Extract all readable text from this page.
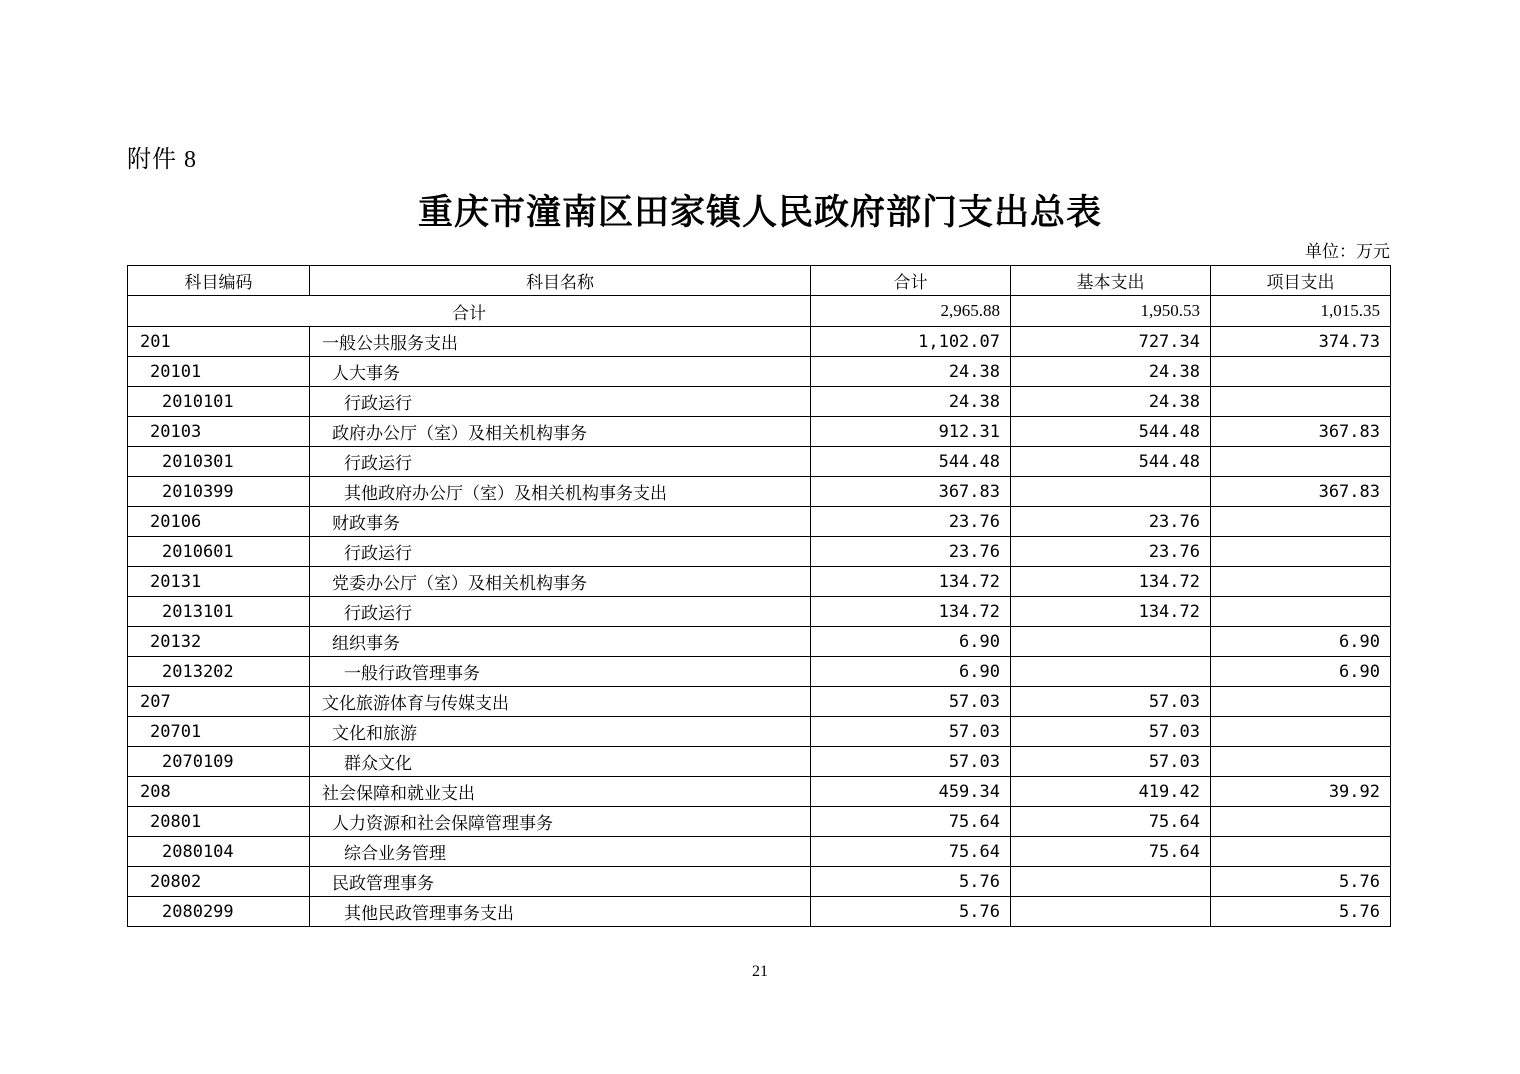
附件 8
重庆市潼南区田家镇人民政府部门支出总表
单位：万元
科目编码	科目名称	合计	基本支出	项目支出
合计		2,965.88	1,950.53	1,015.35
201	一般公共服务支出	1,102.07	727.34	374.73
20101	人大事务	24.38	24.38	
2010101	行政运行	24.38	24.38	
20103	政府办公厅（室）及相关机构事务	912.31	544.48	367.83
2010301	行政运行	544.48	544.48	
2010399	其他政府办公厅（室）及相关机构事务支出	367.83		367.83
20106	财政事务	23.76	23.76	
2010601	行政运行	23.76	23.76	
20131	党委办公厅（室）及相关机构事务	134.72	134.72	
2013101	行政运行	134.72	134.72	
20132	组织事务	6.90		6.90
2013202	一般行政管理事务	6.90		6.90
207	文化旅游体育与传媒支出	57.03	57.03	
20701	文化和旅游	57.03	57.03	
2070109	群众文化	57.03	57.03	
208	社会保障和就业支出	459.34	419.42	39.92
20801	人力资源和社会保障管理事务	75.64	75.64	
2080104	综合业务管理	75.64	75.64	
20802	民政管理事务	5.76		5.76
2080299	其他民政管理事务支出	5.76		5.76
21
